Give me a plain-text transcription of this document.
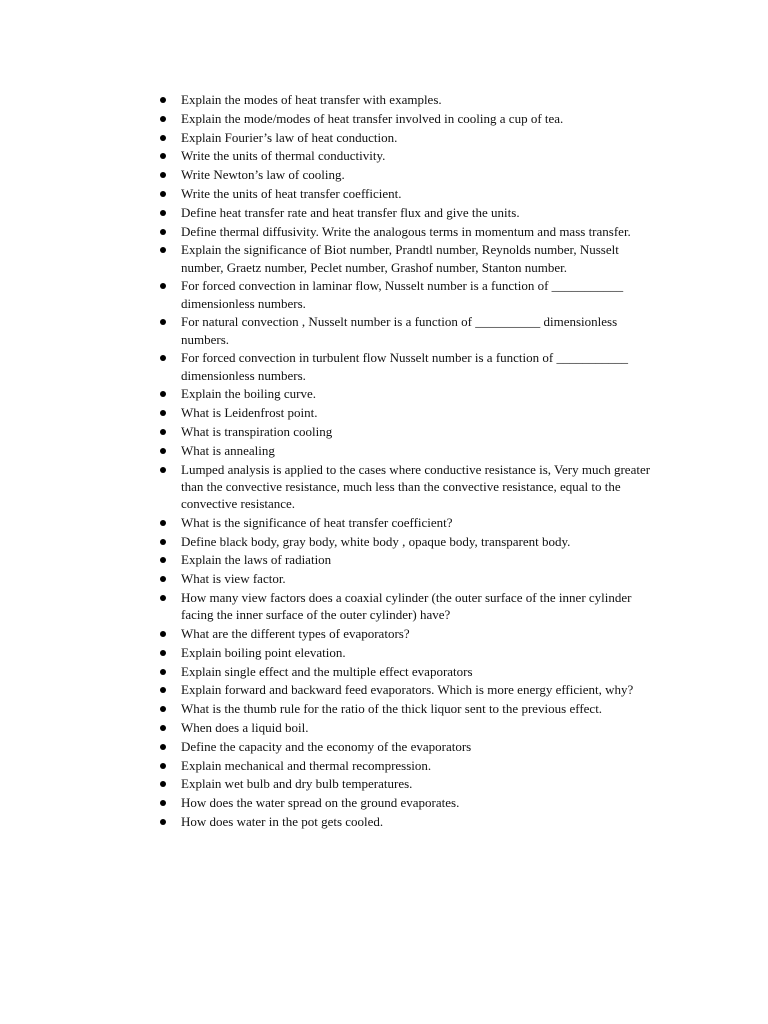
Explain the modes of heat transfer with examples.
Explain the mode/modes of heat transfer involved in cooling a cup of tea.
Explain Fourier’s law of heat conduction.
Write the units of thermal conductivity.
Write Newton’s law of cooling.
Write the units of heat transfer coefficient.
Define heat transfer rate and heat transfer flux and give the units.
Define thermal diffusivity. Write the analogous terms in momentum and mass transfer.
Explain the significance of Biot number, Prandtl number, Reynolds number, Nusselt number, Graetz number, Peclet number, Grashof number, Stanton number.
For forced convection in laminar flow, Nusselt number is a function of ___________ dimensionless numbers.
For natural convection , Nusselt number is a function of __________ dimensionless numbers.
For forced convection in turbulent flow Nusselt number is a function of ___________ dimensionless numbers.
Explain the boiling curve.
What is Leidenfrost point.
What is transpiration cooling
What is annealing
Lumped analysis is applied to the cases where conductive resistance is, Very much greater than the convective resistance, much less than the convective resistance, equal to the convective resistance.
What is the significance of heat transfer coefficient?
Define black body, gray body, white body , opaque body, transparent body.
Explain the laws of radiation
What is view factor.
How many view factors does a coaxial cylinder (the outer surface of the inner cylinder facing the inner surface of the outer cylinder) have?
What are the different types of evaporators?
Explain boiling point elevation.
Explain single effect and the multiple effect evaporators
Explain forward and backward feed evaporators. Which is more energy efficient, why?
What is the thumb rule for the ratio of the thick liquor sent to the previous effect.
When does a liquid boil.
Define the capacity and the economy of the evaporators
Explain mechanical and thermal recompression.
Explain wet bulb and dry bulb temperatures.
How does the water spread on the ground evaporates.
How does water in the pot gets cooled.
